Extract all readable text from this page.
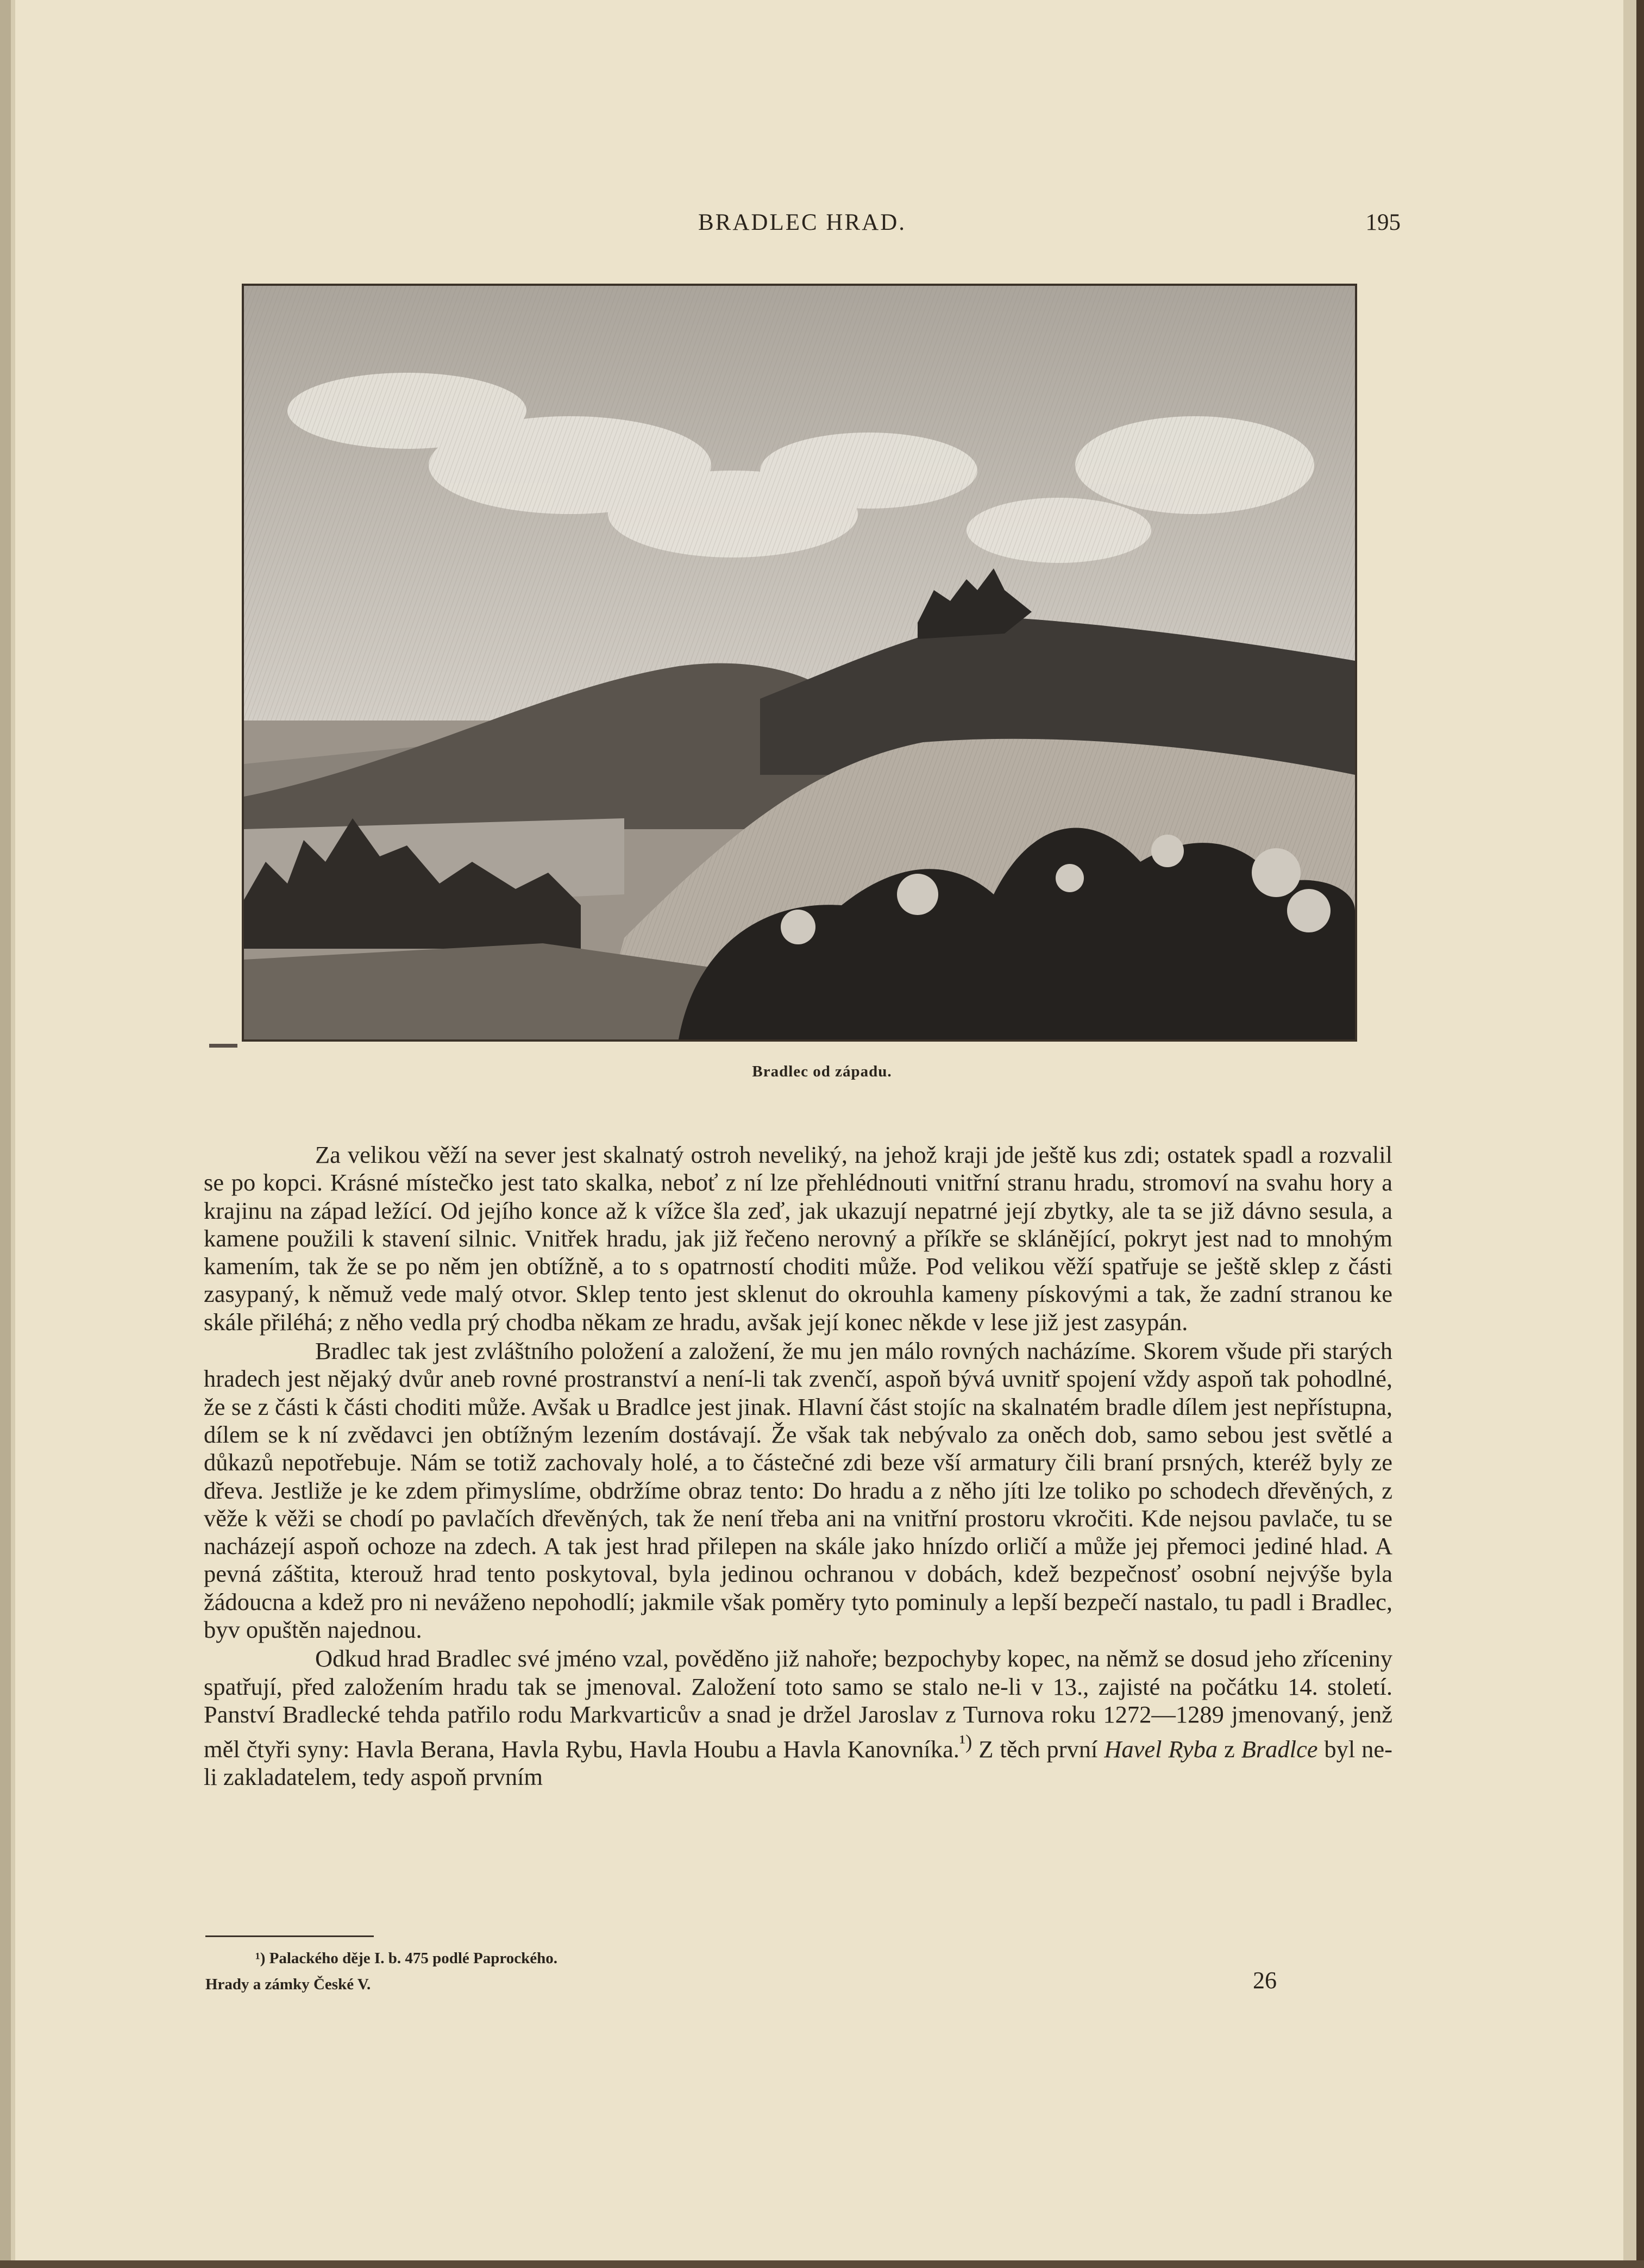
BRADLEC HRAD.	195
Bradlec od západu.

Za velikou věží na sever jest skalnatý ostroh neveliký, na jehož kraji jde ještě kus zdi; ostatek spadl a rozvalil se po kopci. Krásné místečko jest tato skalka, neboť z ní lze přehlédnouti vnitřní stranu hradu, stromoví na svahu hory a krajinu na západ ležící. Od jejího konce až k vížce šla zeď, jak ukazují nepatrné její zbytky, ale ta se již dávno sesula, a kamene použili k stavení silnic. Vnitřek hradu, jak již řečeno nerovný a příkře se sklánějící, pokryt jest nad to mnohým kamením, tak že se po něm jen obtížně, a to s opatrností choditi může. Pod velikou věží spatřuje se ještě sklep z části zasypaný, k němuž vede malý otvor. Sklep tento jest sklenut do okrouhla kameny pískovými a tak, že zadní stranou ke skále přiléhá; z něho vedla prý chodba někam ze hradu, avšak její konec někde v lese již jest zasypán.

Bradlec tak jest zvláštního položení a založení, že mu jen málo rovných nacházíme. Skorem všude při starých hradech jest nějaký dvůr aneb rovné prostranství a není-li tak zvenčí, aspoň bývá uvnitř spojení vždy aspoň tak pohodlné, že se z části k části choditi může. Avšak u Bradlce jest jinak. Hlavní část stojíc na skalnatém bradle dílem jest nepřístupna, dílem se k ní zvědavci jen obtížným lezením dostávají. Že však tak nebývalo za oněch dob, samo sebou jest světlé a důkazů nepotřebuje. Nám se totiž zachovaly holé, a to částečné zdi beze vší armatury čili braní prsných, kteréž byly ze dřeva. Jestliže je ke zdem přimyslíme, obdržíme obraz tento: Do hradu a z něho jíti lze toliko po schodech dřevěných, z věže k věži se chodí po pavlačích dřevěných, tak že není třeba ani na vnitřní prostoru vkročiti. Kde nejsou pavlače, tu se nacházejí aspoň ochoze na zdech. A tak jest hrad přilepen na skále jako hnízdo orličí a může jej přemoci jediné hlad. A pevná záštita, kterouž hrad tento poskytoval, byla jedinou ochranou v dobách, kdež bezpečnosť osobní nejvýše byla žádoucna a kdež pro ni neváženo nepohodlí; jakmile však poměry tyto pominuly a lepší bezpečí nastalo, tu padl i Bradlec, byv opuštěn najednou.

Odkud hrad Bradlec své jméno vzal, pověděno již nahoře; bezpochyby kopec, na němž se dosud jeho zříceniny spatřují, před založením hradu tak se jmenoval. Založení toto samo se stalo ne-li v 13., zajisté na počátku 14. století. Panství Bradlecké tehda patřilo rodu Markvarticův a snad je držel Jaroslav z Turnova roku 1272—1289 jmenovaný, jenž měl čtyři syny: Havla Berana, Havla Rybu, Havla Houbu a Havla Kanovníka.$^{^1)}$ Z těch první Havel Ryba z Bradlce byl ne-li zakladatelem, tedy aspoň prvním

¹) Palackého děje I. b. 475 podlé Paprockého.
Hrady a zámky České V.	26
